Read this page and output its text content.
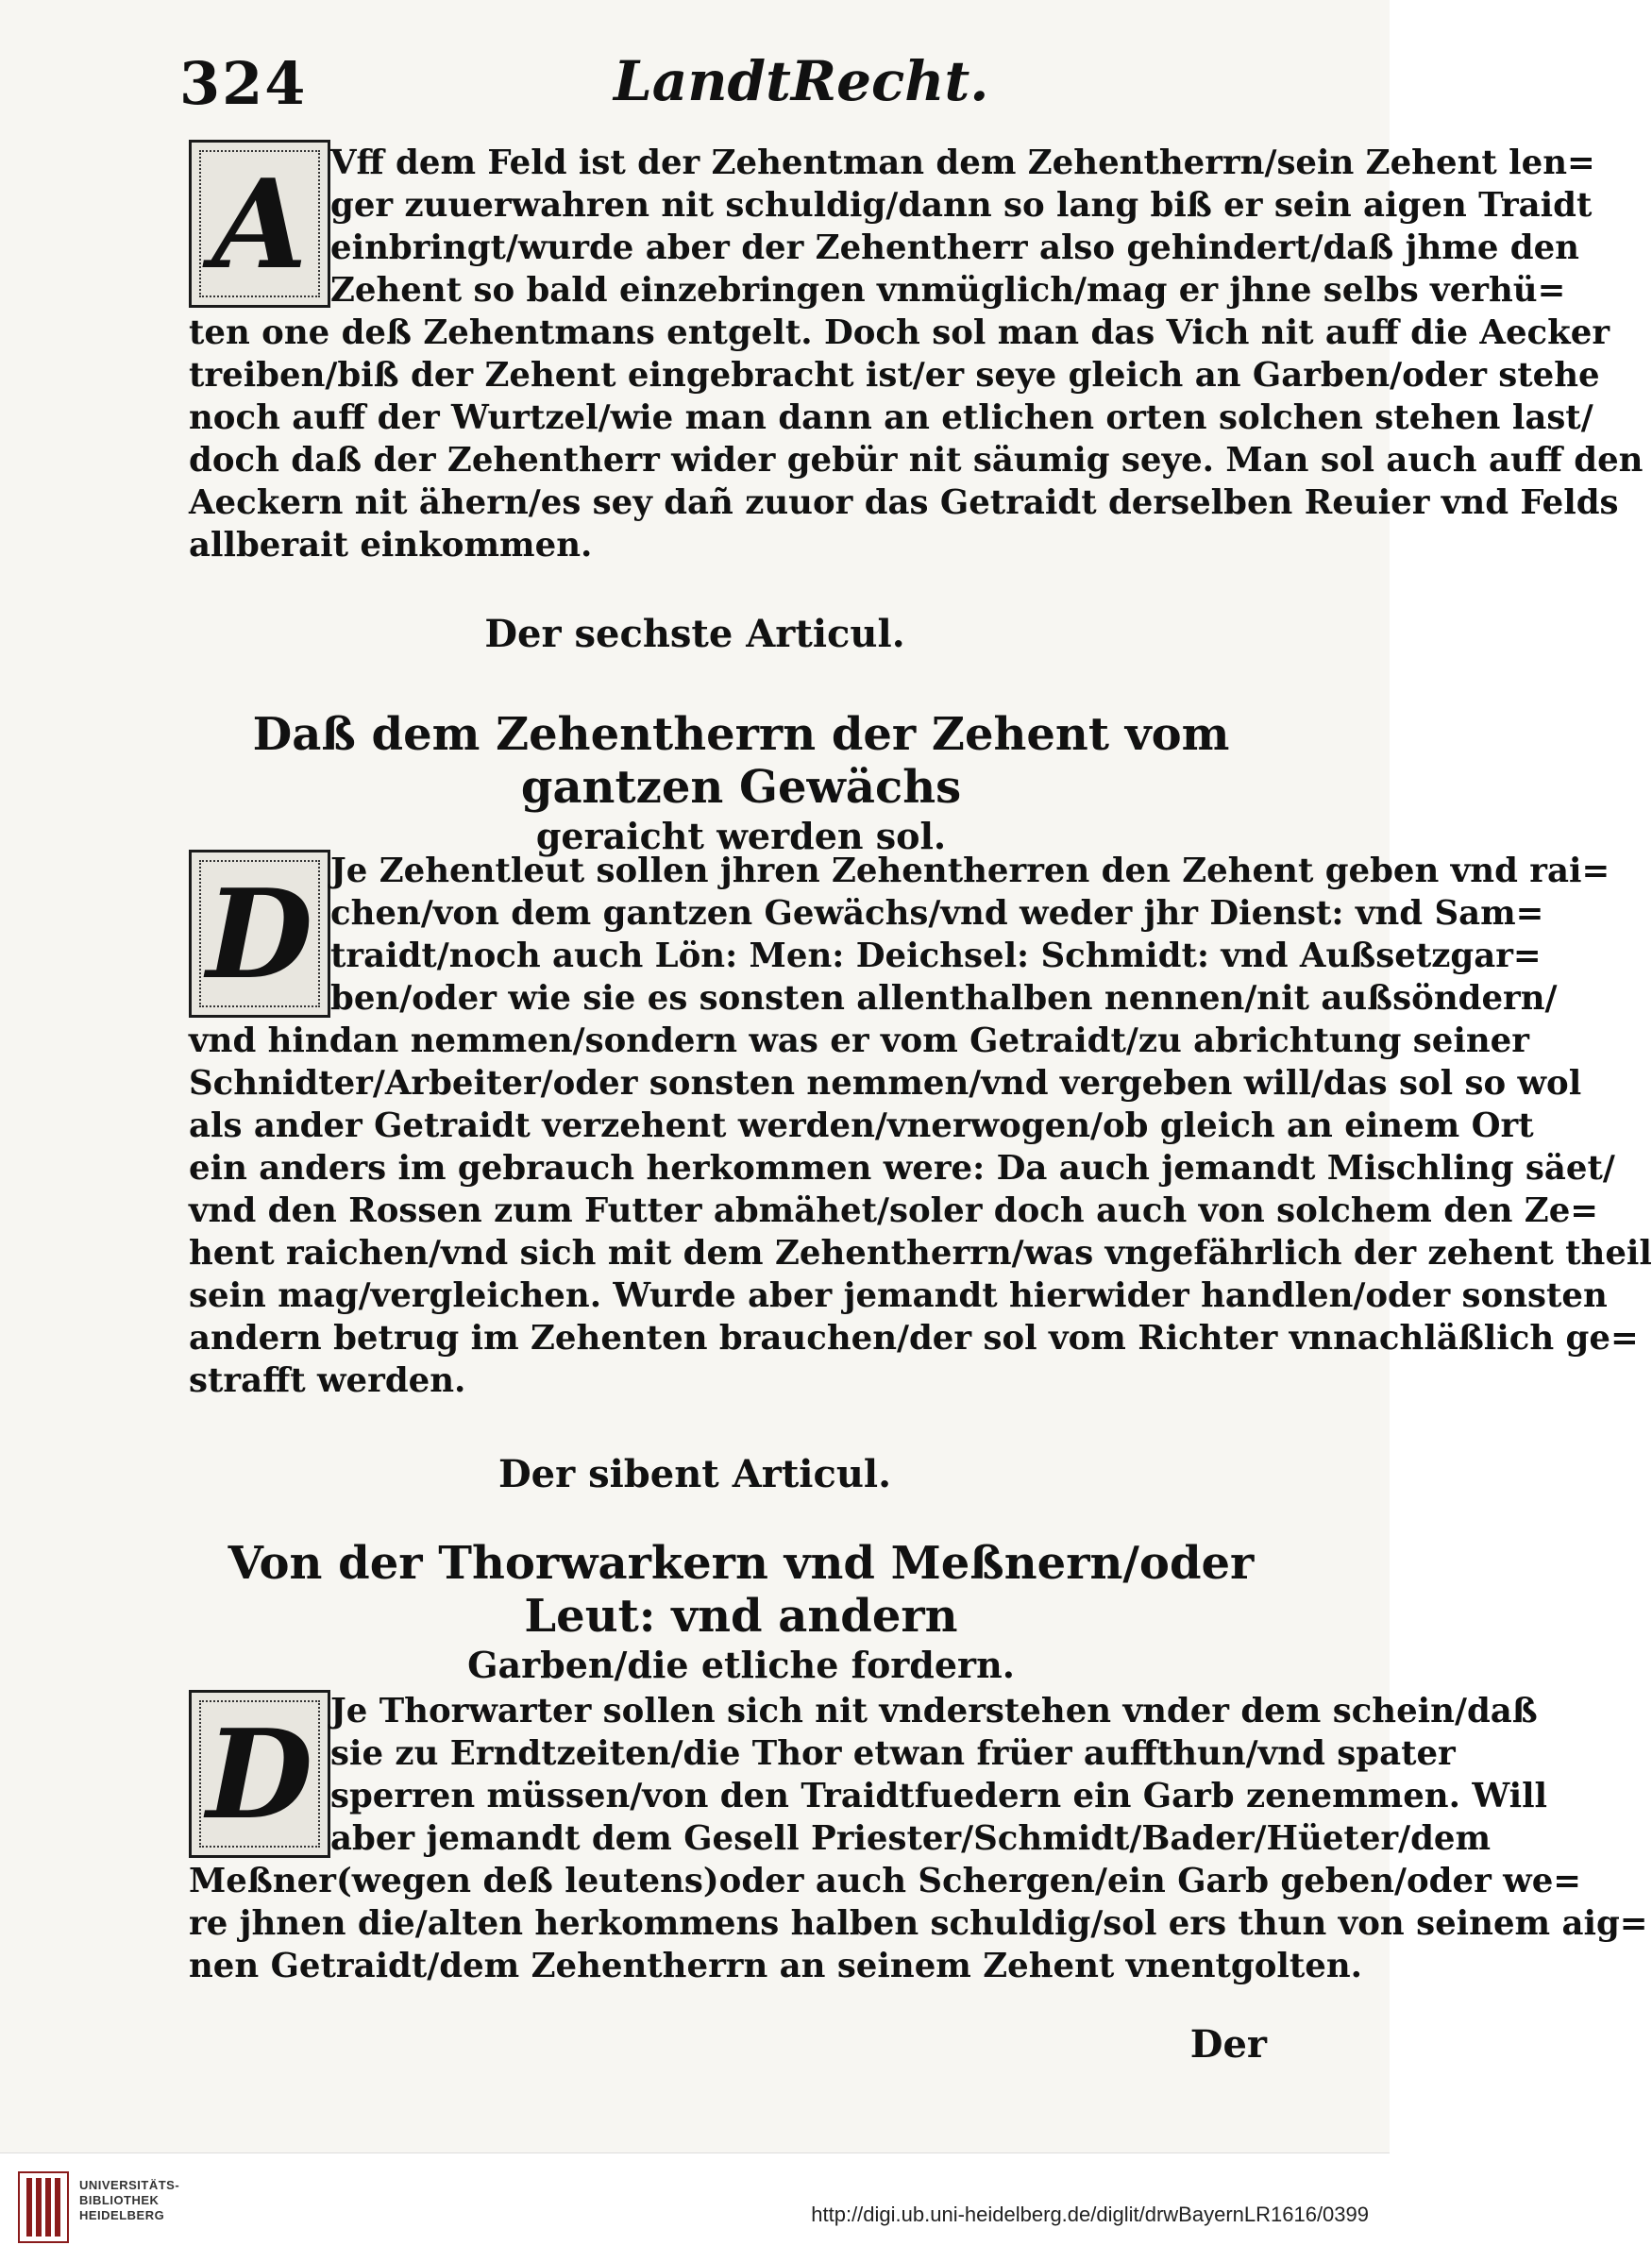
324	LandtRecht.
A Vff dem Feld ist der Zehentman dem Zehentherrn/sein Zehent len=
ger zuuerwahren nit schuldig/dann so lang biß er sein aigen Traidt
einbringt/wurde aber der Zehentherr also gehindert/daß jhme den
Zehent so bald einzebringen vnmüglich/mag er jhne selbs verhü=
ten one deß Zehentmans entgelt. Doch sol man das Vich nit auff die Aecker
treiben/biß der Zehent eingebracht ist/er seye gleich an Garben/oder stehe
noch auff der Wurtzel/wie man dann an etlichen orten solchen stehen last/
doch daß der Zehentherr wider gebür nit säumig seye. Man sol auch auff den
Aeckern nit ähern/es sey dañ zuuor das Getraidt derselben Reuier vnd Felds
allberait einkommen.
Der sechste Articul.
Daß dem Zehentherrn der Zehent vom gantzen Gewächs
geraicht werden sol.
D Je Zehentleut sollen jhren Zehentherren den Zehent geben vnd rai=
chen/von dem gantzen Gewächs/vnd weder jhr Dienst: vnd Sam=
traidt/noch auch Lön: Men: Deichsel: Schmidt: vnd Außsetzgar=
ben/oder wie sie es sonsten allenthalben nennen/nit außsöndern/
vnd hindan nemmen/sondern was er vom Getraidt/zu abrichtung seiner
Schnidter/Arbeiter/oder sonsten nemmen/vnd vergeben will/das sol so wol
als ander Getraidt verzehent werden/vnerwogen/ob gleich an einem Ort
ein anders im gebrauch herkommen were: Da auch jemandt Mischling säet/
vnd den Rossen zum Futter abmähet/soler doch auch von solchem den Ze=
hent raichen/vnd sich mit dem Zehentherrn/was vngefährlich der zehent theil
sein mag/vergleichen. Wurde aber jemandt hierwider handlen/oder sonsten
andern betrug im Zehenten brauchen/der sol vom Richter vnnachläßlich ge=
strafft werden.
Der sibent Articul.
Von der Thorwarkern vnd Meßnern/oder Leut: vnd andern
Garben/die etliche fordern.
D Je Thorwarter sollen sich nit vnderstehen vnder dem schein/daß
sie zu Erndtzeiten/die Thor etwan früer auffthun/vnd spater
sperren müssen/von den Traidtfuedern ein Garb zenemmen. Will
aber jemandt dem Gesell Priester/Schmidt/Bader/Hüeter/dem
Meßner(wegen deß leutens)oder auch Schergen/ein Garb geben/oder we=
re jhnen die/alten herkommens halben schuldig/sol ers thun von seinem aig=
nen Getraidt/dem Zehentherrn an seinem Zehent vnentgolten.
Der
UNIVERSITÄTS-
BIBLIOTHEK
HEIDELBERG	http://digi.ub.uni-heidelberg.de/diglit/drwBayernLR1616/0399
